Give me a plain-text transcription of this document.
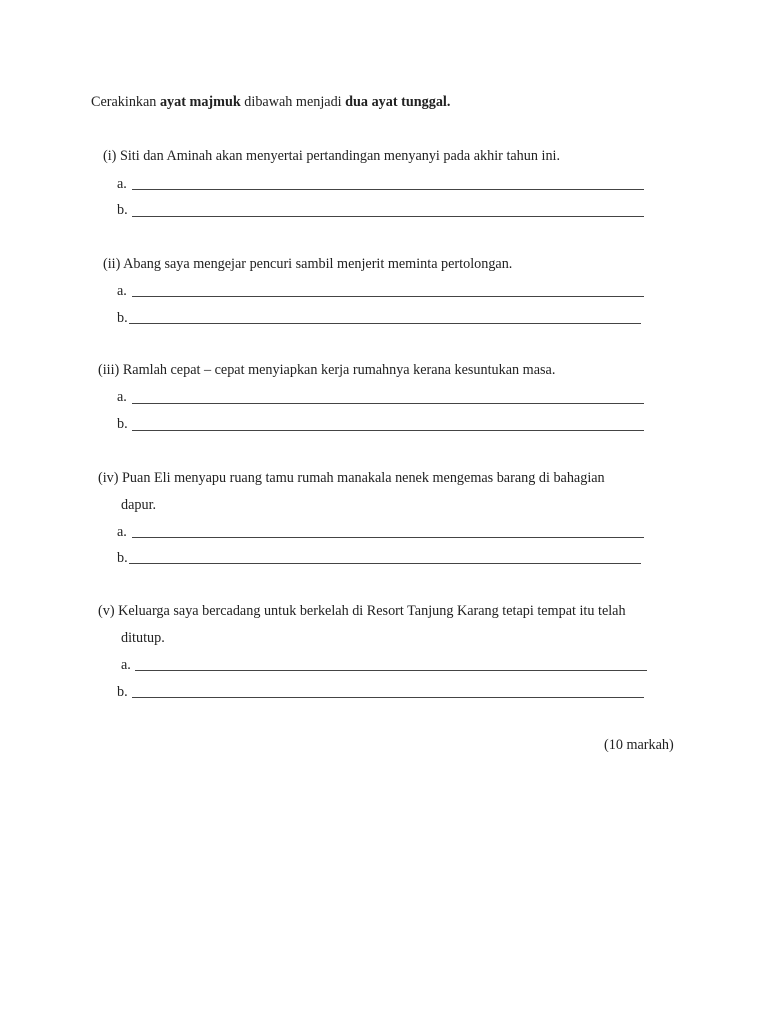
Cerakinkan ayat majmuk dibawah menjadi dua ayat tunggal.
(i) Siti dan Aminah akan menyertai pertandingan menyanyi pada akhir tahun ini.
a.
b.
(ii) Abang saya mengejar pencuri sambil menjerit meminta pertolongan.
a.
b.
(iii) Ramlah cepat – cepat menyiapkan kerja rumahnya kerana kesuntukan masa.
a.
b.
(iv) Puan Eli menyapu ruang tamu rumah manakala nenek mengemas barang di bahagian
dapur.
a.
b.
(v) Keluarga saya bercadang untuk berkelah di Resort Tanjung Karang tetapi tempat itu telah
ditutup.
a.
b.
(10 markah)
